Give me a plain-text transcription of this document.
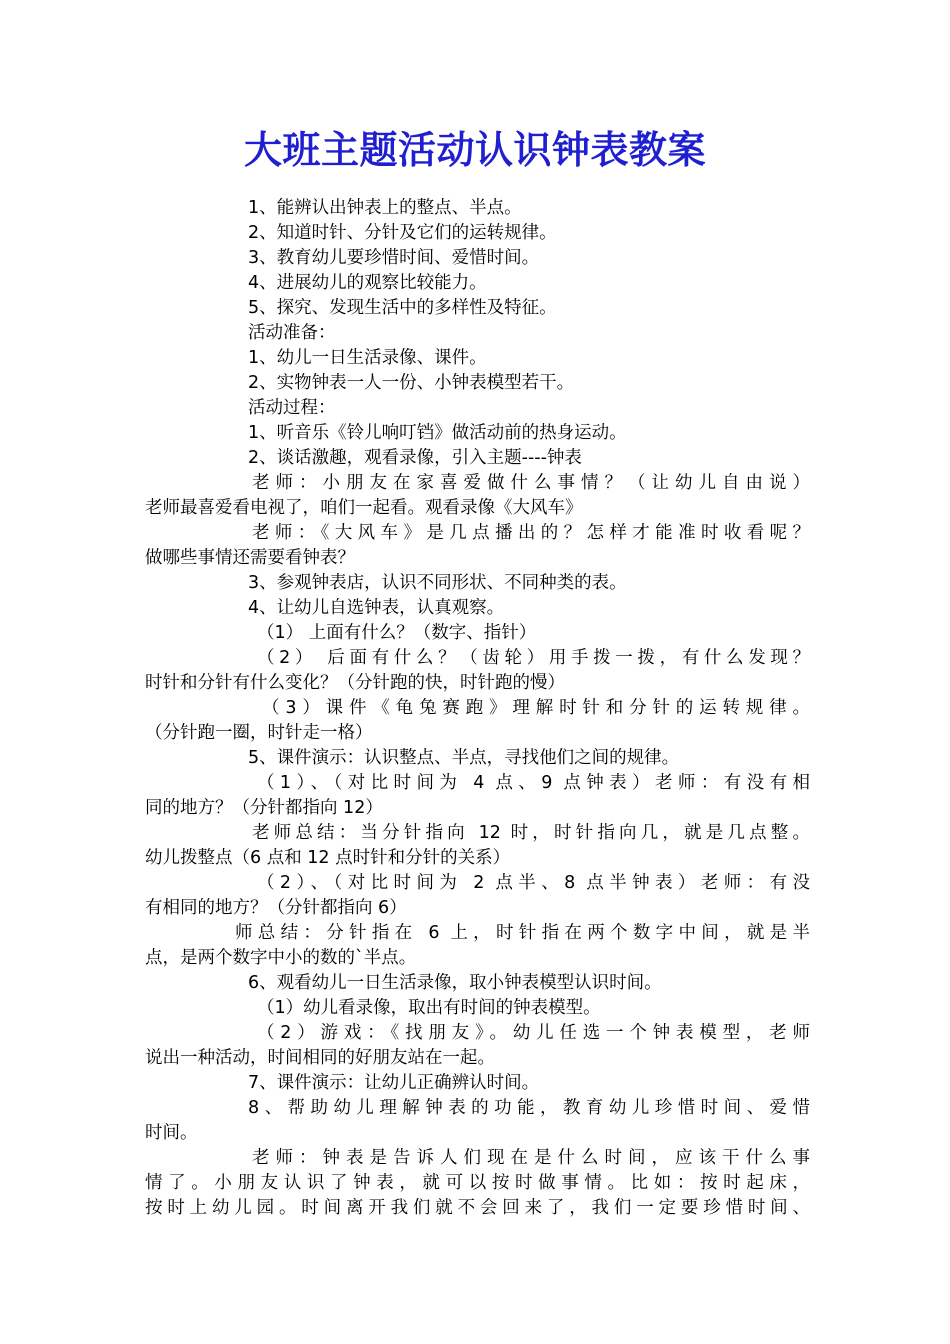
大班主题活动认识钟表教案
1、能辨认出钟表上的整点、半点。
2、知道时针、分针及它们的运转规律。
3、教育幼儿要珍惜时间、爱惜时间。
4、进展幼儿的观察比较能力。
5、探究、发现生活中的多样性及特征。
活动准备：
1、幼儿一日生活录像、课件。
2、实物钟表一人一份、小钟表模型若干。
活动过程：
1、听音乐《铃儿响叮铛》做活动前的热身运动。
2、谈话激趣，观看录像，引入主题----钟表
老师：小朋友在家喜爱做什么事情？（让幼儿自由说）
老师最喜爱看电视了，咱们一起看。观看录像《大风车》
老师：《大风车》是几点播出的？怎样才能准时收看呢？
做哪些事情还需要看钟表？
3、参观钟表店，认识不同形状、不同种类的表。
4、让幼儿自选钟表，认真观察。
（1） 上面有什么？（数字、指针）
（2） 后面有什么？（齿轮）用手拨一拨，有什么发现？
时针和分针有什么变化？（分针跑的快，时针跑的慢）
（3）课件《龟兔赛跑》理解时针和分针的运转规律。
（分针跑一圈，时针走一格）
5、课件演示：认识整点、半点，寻找他们之间的规律。
（1）、（对比时间为 4 点、9 点钟表）老师：有没有相
同的地方？（分针都指向 12）
老师总结：当分针指向 12 时，时针指向几，就是几点整。
幼儿拨整点（6 点和 12 点时针和分针的关系）
（2）、（对比时间为 2 点半、8 点半钟表）老师：有没
有相同的地方？（分针都指向 6）
师总结：分针指在 6 上，时针指在两个数字中间，就是半
点，是两个数字中小的数的`半点。
6、观看幼儿一日生活录像，取小钟表模型认识时间。
（1）幼儿看录像，取出有时间的钟表模型。
（2）游戏：《找朋友》。幼儿任选一个钟表模型，老师
说出一种活动，时间相同的好朋友站在一起。
7、课件演示：让幼儿正确辨认时间。
8、帮助幼儿理解钟表的功能，教育幼儿珍惜时间、爱惜
时间。
老师：钟表是告诉人们现在是什么时间，应该干什么事
情了。小朋友认识了钟表，就可以按时做事情。比如：按时起床，
按时上幼儿园。时间离开我们就不会回来了，我们一定要珍惜时间、
